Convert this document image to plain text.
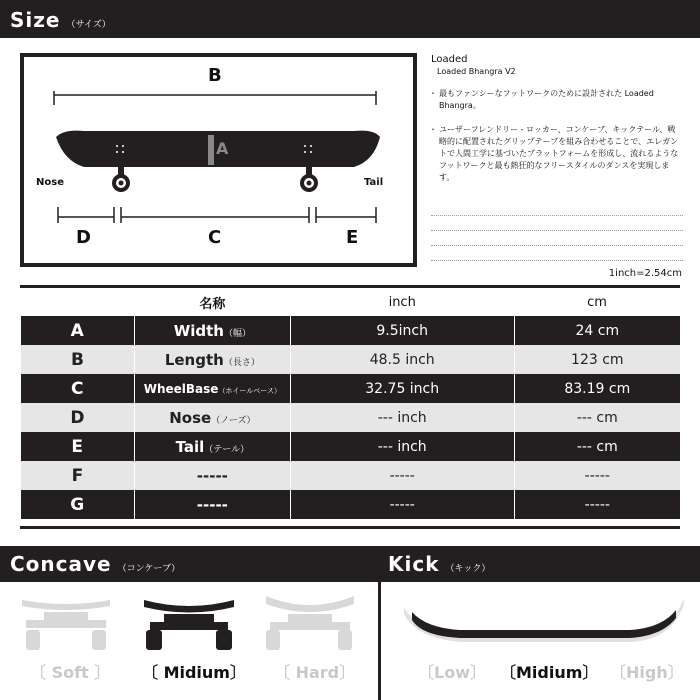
Size （サイズ）
B
A
Nose	Tail
D	C	E
Loaded
Loaded Bhangra V2
・ 最もファンシーなフットワークのために設計された Loaded Bhangra。
・ ユーザーフレンドリー - ロッカー、コンケーブ、キックテール、戦略的に配置されたグリップテープを組み合わせることで、エレガントで人間工学に基づいたプラットフォームを形成し、流れるようなフットワークと最も熱狂的なフリースタイルのダンスを実現します。
1inch=2.54cm
	名称	inch	cm
A	Width（幅）	9.5inch	24 cm
B	Length（長さ）	48.5 inch	123 cm
C	WheelBase（ホイールベース）	32.75 inch	83.19 cm
D	Nose（ノーズ）	--- inch	--- cm
E	Tail（テール）	--- inch	--- cm
F	-----	-----	-----
G	-----	-----	-----
Concave （コンケーブ）	Kick （キック）
〔 Soft 〕 〔 Midium〕 〔 Hard〕	〔Low〕 〔Midium〕 〔High〕
